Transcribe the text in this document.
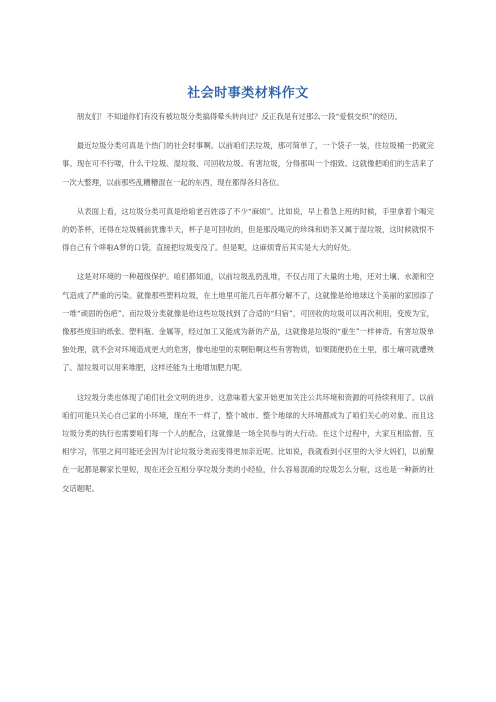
社会时事类材料作文

朋友们！不知道你们有没有被垃圾分类搞得晕头转向过？反正我是有过那么一段“爱恨交织”的经历。

最近垃圾分类可真是个热门的社会时事啊。以前咱们丢垃圾，那可简单了，一个袋子一装，往垃圾桶一扔就完事。现在可不行喽，什么干垃圾、湿垃圾、可回收垃圾、有害垃圾，分得那叫一个细致。这就像把咱们的生活来了一次大整理，以前那些乱糟糟混在一起的东西，现在都得各归各位。

从表面上看，这垃圾分类可真是给咱老百姓添了不少“麻烦”。比如说，早上着急上班的时候，手里拿着个喝完的奶茶杯，还得在垃圾桶前犹豫半天，杯子是可回收的，但是那没喝完的珍珠和奶茶又属于湿垃圾，这时候就恨不得自己有个哆啦A梦的口袋，直接把垃圾变没了。但是呢，这麻烦背后其实是大大的好处。

这是对环境的一种超级保护。咱们都知道，以前垃圾乱扔乱堆，不仅占用了大量的土地，还对土壤、水源和空气造成了严重的污染。就像那些塑料垃圾，在土地里可能几百年都分解不了，这就像是给地球这个美丽的家园添了一堆“顽固的伤疤”。而垃圾分类就像是给这些垃圾找到了合适的“归宿”，可回收的垃圾可以再次利用，变废为宝，像那些废旧的纸张、塑料瓶、金属等，经过加工又能成为新的产品，这就像是垃圾的“重生”一样神奇。有害垃圾单独处理，就不会对环境造成更大的危害，像电池里的汞啊铅啊这些有害物质，如果随便扔在土里，那土壤可就遭殃了。湿垃圾可以用来堆肥，这样还能为土地增加肥力呢。

这垃圾分类也体现了咱们社会文明的进步。这意味着大家开始更加关注公共环境和资源的可持续利用了。以前咱们可能只关心自己家的小环境，现在不一样了，整个城市、整个地球的大环境都成为了咱们关心的对象。而且这垃圾分类的执行也需要咱们每一个人的配合，这就像是一场全民参与的大行动。在这个过程中，大家互相监督、互相学习，邻里之间可能还会因为讨论垃圾分类而变得更加亲近呢。比如说，我就看到小区里的大爷大妈们，以前聚在一起都是聊家长里短，现在还会互相分享垃圾分类的小经验，什么容易混淆的垃圾怎么分啦，这也是一种新的社交话题呢。
